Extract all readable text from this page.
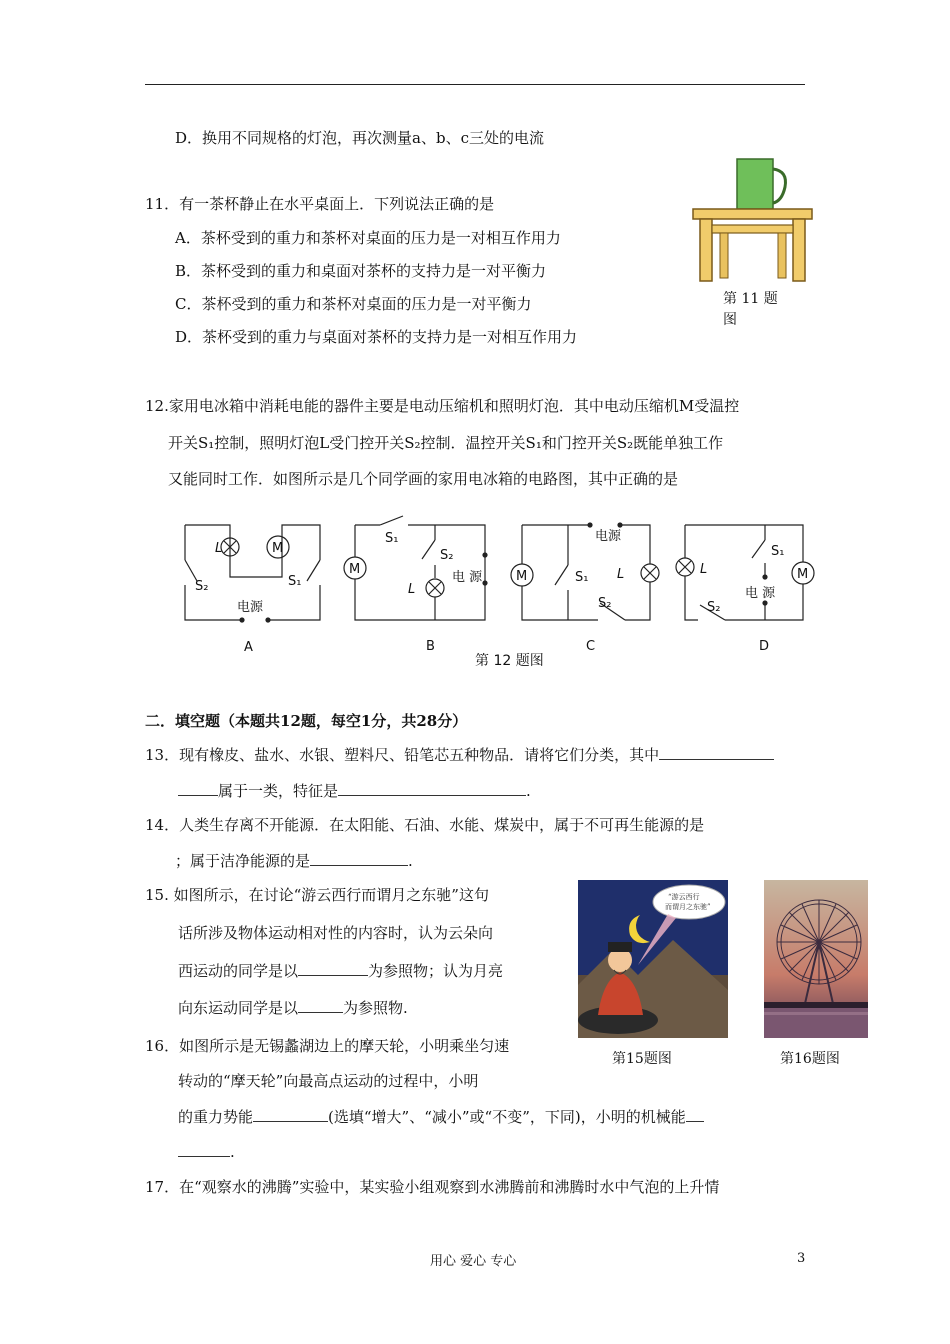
D．换用不同规格的灯泡，再次测量a、b、c三处的电流
11．有一茶杯静止在水平桌面上．下列说法正确的是
A．茶杯受到的重力和茶杯对桌面的压力是一对相互作用力
B．茶杯受到的重力和桌面对茶杯的支持力是一对平衡力
C．茶杯受到的重力和茶杯对桌面的压力是一对平衡力
D．茶杯受到的重力与桌面对茶杯的支持力是一对相互作用力
第 11 题
图
12.家用电冰箱中消耗电能的器件主要是电动压缩机和照明灯泡．其中电动压缩机M受温控
开关S₁控制，照明灯泡L受门控开关S₂控制．温控开关S₁和门控开关S₂既能单独工作
又能同时工作．如图所示是几个同学画的家用电冰箱的电路图，其中正确的是
L	M
S₂	S₁
电源
A
M
S₁
S₂
L
电 源
B
电源
M	S₁ L
S₂
C
L	M
S₁
电 源
S₂
D
第 12 题图
二．填空题（本题共12题，每空1分，共28分）
13．现有橡皮、盐水、水银、塑料尺、铅笔芯五种物品．请将它们分类，其中
属于一类，特征是	.
14．人类生存离不开能源．在太阳能、石油、水能、煤炭中，属于不可再生能源的是
；属于洁净能源的是	.
15. 如图所示，在讨论“游云西行而谓月之东驰”这句
话所涉及物体运动相对性的内容时，认为云朵向
西运动的同学是以	为参照物；认为月亮
向东运动同学是以	为参照物.
“游云西行
而谓月之东驰”
第15题图	第16题图
16．如图所示是无锡蠡湖边上的摩天轮，小明乘坐匀速
转动的“摩天轮”向最高点运动的过程中，小明
的重力势能	(选填“增大”、“减小”或“不变”，下同)，小明的机械能
.
17．在“观察水的沸腾”实验中，某实验小组观察到水沸腾前和沸腾时水中气泡的上升情
用心 爱心 专心	3
